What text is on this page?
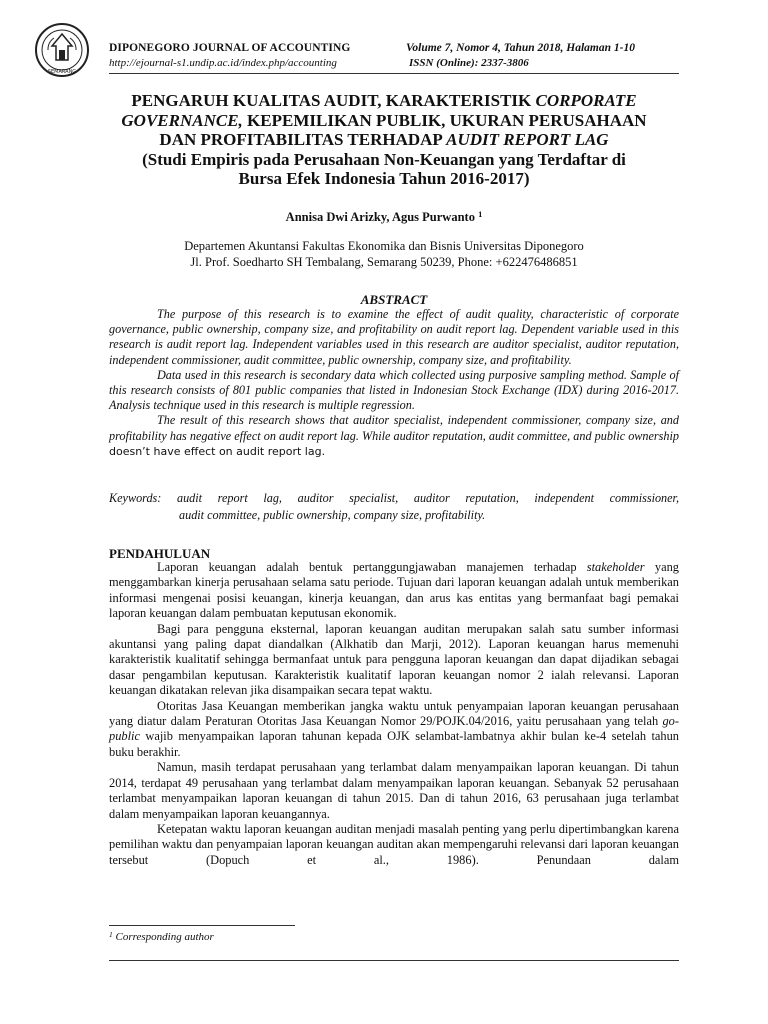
SEMARANG
DIPONEGORO JOURNAL OF ACCOUNTING
http://ejournal-s1.undip.ac.id/index.php/accounting
Volume 7, Nomor 4, Tahun 2018, Halaman 1-10
ISSN (Online): 2337-3806
PENGARUH KUALITAS AUDIT, KARAKTERISTIK CORPORATE
GOVERNANCE, KEPEMILIKAN PUBLIK, UKURAN PERUSAHAAN
DAN PROFITABILITAS TERHADAP AUDIT REPORT LAG
(Studi Empiris pada Perusahaan Non-Keuangan yang Terdaftar di
Bursa Efek Indonesia Tahun 2016-2017)
Annisa Dwi Arizky, Agus Purwanto $^1$
Departemen Akuntansi Fakultas Ekonomika dan Bisnis Universitas Diponegoro
Jl. Prof. Soedharto SH Tembalang, Semarang 50239, Phone: +622476486851
ABSTRACT

The purpose of this research is to examine the effect of audit quality, characteristic of corporate governance, public ownership, company size, and profitability on audit report lag. Dependent variable used in this research is audit report lag. Independent variables used in this research are auditor specialist, auditor reputation, independent commissioner, audit committee, public ownership, company size, and profitability.

Data used in this research is secondary data which collected using purposive sampling method. Sample of this research consists of 801 public companies that listed in Indonesian Stock Exchange (IDX) during 2016-2017. Analysis technique used in this research is multiple regression.

The result of this research shows that auditor specialist, independent commissioner, company size, and profitability has negative effect on audit report lag. While auditor reputation, audit committee, and public ownership doesn’t have effect on audit report lag.

Keywords: audit report lag, auditor specialist, auditor reputation, independent commissioner,
audit committee, public ownership, company size, profitability.
PENDAHULUAN

Laporan keuangan adalah bentuk pertanggungjawaban manajemen terhadap stakeholder yang menggambarkan kinerja perusahaan selama satu periode. Tujuan dari laporan keuangan adalah untuk memberikan informasi mengenai posisi keuangan, kinerja keuangan, dan arus kas entitas yang bermanfaat bagi pemakai laporan keuangan dalam pembuatan keputusan ekonomik.

Bagi para pengguna eksternal, laporan keuangan auditan merupakan salah satu sumber informasi akuntansi yang paling dapat diandalkan (Alkhatib dan Marji, 2012). Laporan keuangan harus memenuhi karakteristik kualitatif sehingga bermanfaat untuk para pengguna laporan keuangan dan dapat dijadikan sebagai dasar pengambilan keputusan. Karakteristik kualitatif laporan keuangan nomor 2 ialah relevansi. Laporan keuangan dikatakan relevan jika disampaikan secara tepat waktu.

Otoritas Jasa Keuangan memberikan jangka waktu untuk penyampaian laporan keuangan perusahaan yang diatur dalam Peraturan Otoritas Jasa Keuangan Nomor 29/POJK.04/2016, yaitu perusahaan yang telah go-public wajib menyampaikan laporan tahunan kepada OJK selambat-lambatnya akhir bulan ke-4 setelah tahun buku berakhir.

Namun, masih terdapat perusahaan yang terlambat dalam menyampaikan laporan keuangan. Di tahun 2014, terdapat 49 perusahaan yang terlambat dalam menyampaikan laporan keuangan. Sebanyak 52 perusahaan terlambat menyampaikan laporan keuangan di tahun 2015. Dan di tahun 2016, 63 perusahaan juga terlambat dalam menyampaikan laporan keuangannya.

Ketepatan waktu laporan keuangan auditan menjadi masalah penting yang perlu dipertimbangkan karena pemilihan waktu dan penyampaian laporan keuangan auditan akan mempengaruhi relevansi dari laporan keuangan tersebut (Dopuch et al., 1986). Penundaan dalam

$^1$ Corresponding author
